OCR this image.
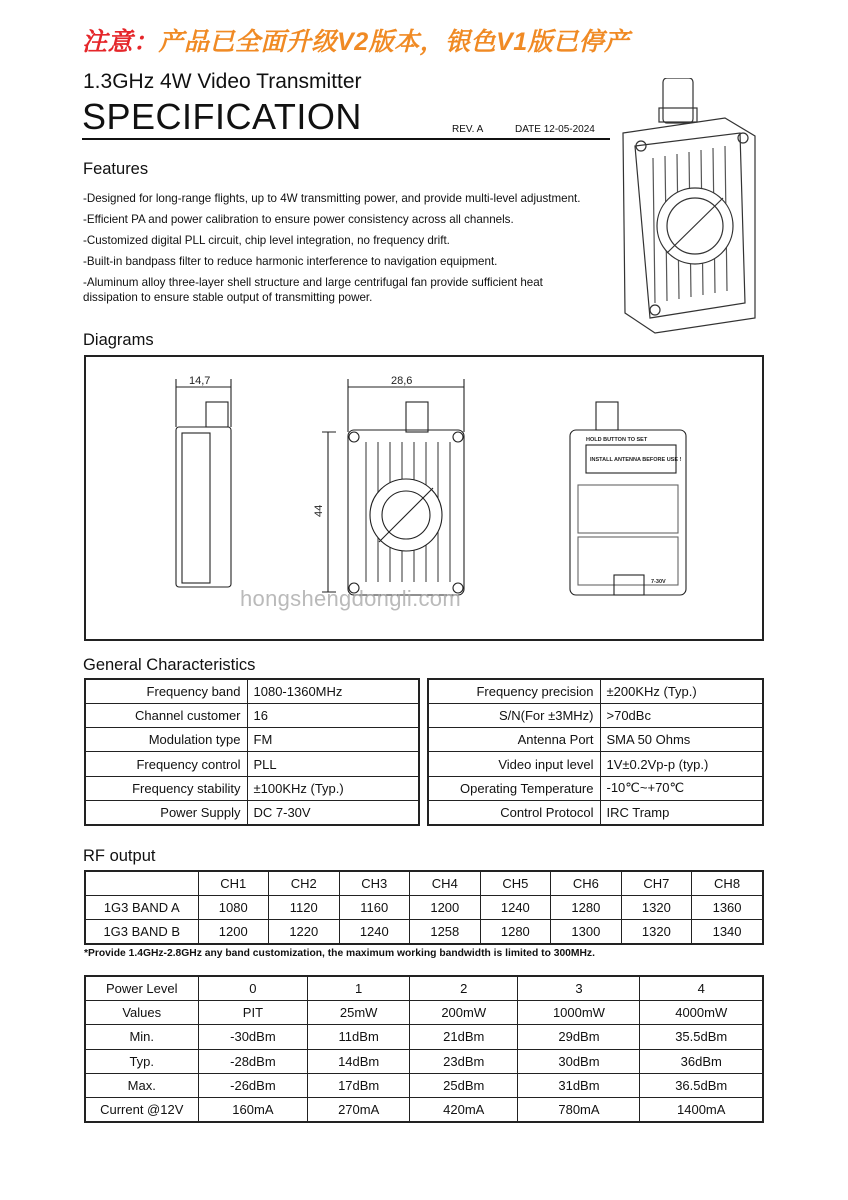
注意：产品已全面升级V2版本，银色V1版已停产
1.3GHz 4W Video Transmitter
SPECIFICATION	REV. A	DATE 12-05-2024
Features

-Designed for long-range flights, up to 4W transmitting power, and provide multi-level adjustment.

-Efficient PA and power calibration to ensure power consistency across all channels.

-Customized digital PLL circuit, chip level integration, no frequency drift.

-Built-in bandpass filter to reduce harmonic interference to navigation equipment.

-Aluminum alloy three-layer shell structure and large centrifugal fan provide sufficient heat dissipation to ensure stable output of transmitting power.

Diagrams
14,7	28,6
44
HOLD BUTTON TO SET
INSTALL ANTENNA BEFORE USE !
7-30V
hongshengdongli.com
General Characteristics
Frequency band	1080-1360MHz
Channel customer	16
Modulation type	FM
Frequency control	PLL
Frequency stability	±100KHz (Typ.)
Power Supply	DC 7-30V
Frequency precision	±200KHz (Typ.)
S/N(For ±3MHz)	>70dBc
Antenna Port	SMA 50 Ohms
Video input level	1V±0.2Vp-p (typ.)
Operating Temperature	-10℃~+70℃
Control Protocol	IRC Tramp
RF output
	CH1	CH2	CH3	CH4	CH5	CH6	CH7	CH8
1G3 BAND A	1080	1120	1160	1200	1240	1280	1320	1360
1G3 BAND B	1200	1220	1240	1258	1280	1300	1320	1340
*Provide 1.4GHz-2.8GHz any band customization, the maximum working bandwidth is limited to 300MHz.
Power Level	0	1	2	3	4
Values	PIT	25mW	200mW	1000mW	4000mW
Min.	-30dBm	11dBm	21dBm	29dBm	35.5dBm
Typ.	-28dBm	14dBm	23dBm	30dBm	36dBm
Max.	-26dBm	17dBm	25dBm	31dBm	36.5dBm
Current @12V	160mA	270mA	420mA	780mA	1400mA
